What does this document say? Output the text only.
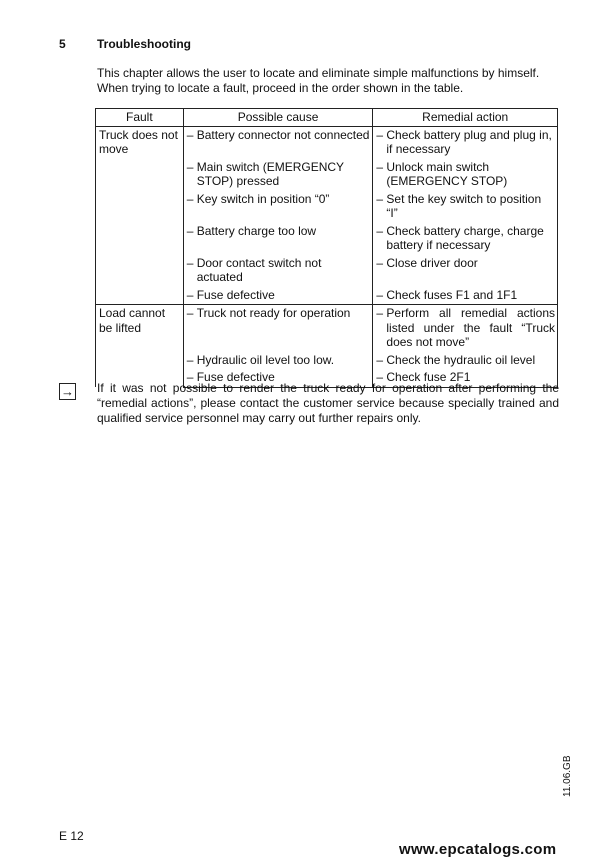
5	Troubleshooting
This chapter allows the user to locate and eliminate simple malfunctions by himself.
When trying to locate a fault, proceed in the order shown in the table.
Fault	Possible cause	Remedial action
Truck does not move	– Battery connector not connected	– Check battery plug and plug in, if necessary

	– Main switch (EMERGENCY STOP) pressed	– Unlock main switch (EMERGENCY STOP)

	– Key switch in position “0”	– Set the key switch to position “I”

	– Battery charge too low	– Check battery charge, charge battery if necessary

	– Door contact switch not actuated	– Close driver door

	– Fuse defective	– Check fuses F1 and 1F1

Load cannot be lifted	– Truck not ready for operation	– Perform all remedial actions listed under the fault “Truck does not move”

	– Hydraulic oil level too low.	– Check the hydraulic oil level

	– Fuse defective	– Check fuse 2F1
→ If it was not possible to render the truck ready for operation after performing the “remedial actions”, please contact the customer service because specially trained and qualified service personnel may carry out further repairs only.
11.06.GB
E 12
www.epcatalogs.com
